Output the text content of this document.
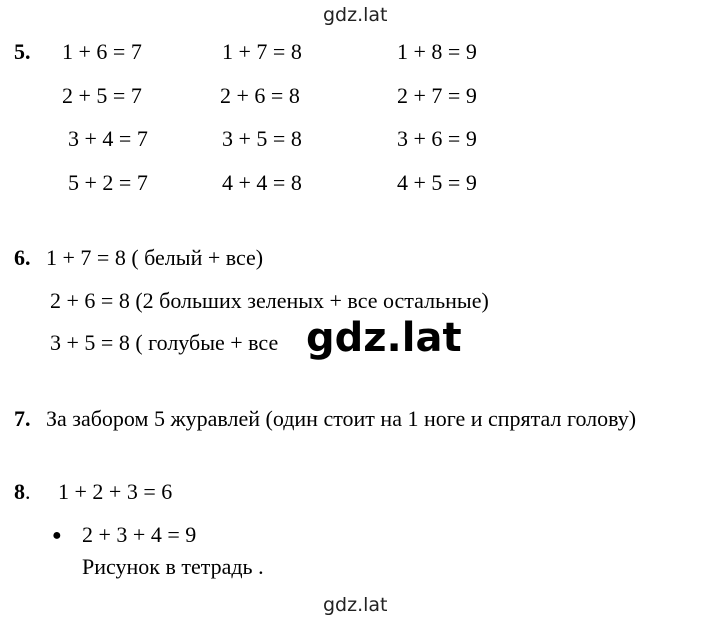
gdz.lat
5. 1 + 6 = 7	1 + 7 = 8	1 + 8 = 9
2 + 5 = 7	2 + 6 = 8	2 + 7 = 9
3 + 4 = 7	3 + 5 = 8	3 + 6 = 9
5 + 2 = 7	4 + 4 = 8	4 + 5 = 9
6. 1 + 7 = 8 ( белый + все)
2 + 6 = 8 (2 больших зеленых + все остальные)
3 + 5 = 8 ( голубые + все gdz.lat
7. За забором 5 журавлей (один стоит на 1 ноге и спрятал голову)
8. 1 + 2 + 3 = 6
● 2 + 3 + 4 = 9
Рисунок в тетрадь .
gdz.lat
